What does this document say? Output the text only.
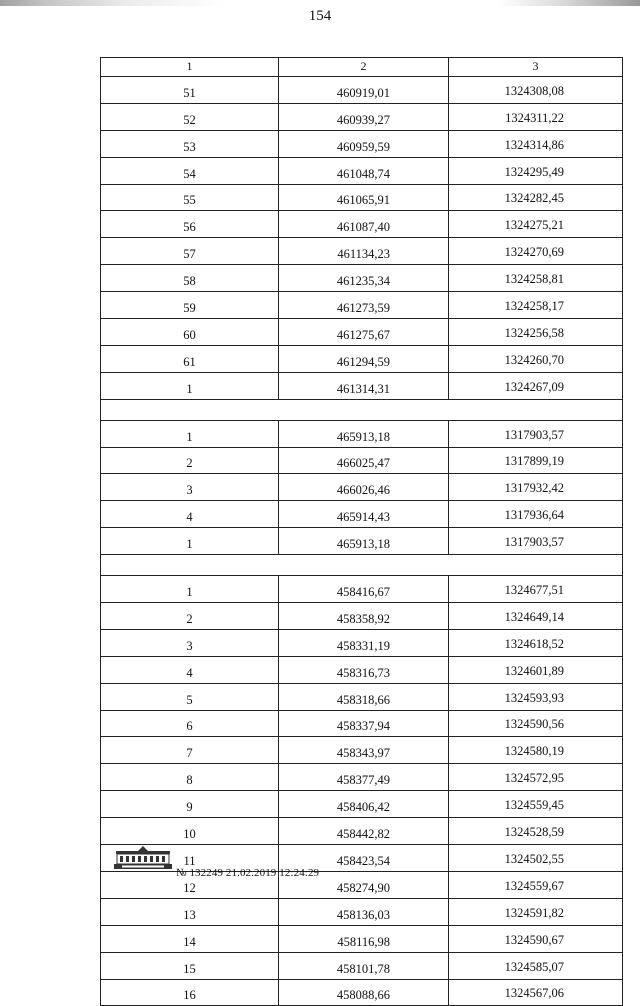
154
1	2	3
51	460919,01	1324308,08
52	460939,27	1324311,22
53	460959,59	1324314,86
54	461048,74	1324295,49
55	461065,91	1324282,45
56	461087,40	1324275,21
57	461134,23	1324270,69
58	461235,34	1324258,81
59	461273,59	1324258,17
60	461275,67	1324256,58
61	461294,59	1324260,70
1	461314,31	1324267,09

1	465913,18	1317903,57
2	466025,47	1317899,19
3	466026,46	1317932,42
4	465914,43	1317936,64
1	465913,18	1317903,57

1	458416,67	1324677,51
2	458358,92	1324649,14
3	458331,19	1324618,52
4	458316,73	1324601,89
5	458318,66	1324593,93
6	458337,94	1324590,56
7	458343,97	1324580,19
8	458377,49	1324572,95
9	458406,42	1324559,45
10	458442,82	1324528,59
11	458423,54	1324502,55
12	458274,90	1324559,67
13	458136,03	1324591,82
14	458116,98	1324590,67
15	458101,78	1324585,07
16	458088,66	1324567,06
№ 132249 21.02.2019 12:24:29
